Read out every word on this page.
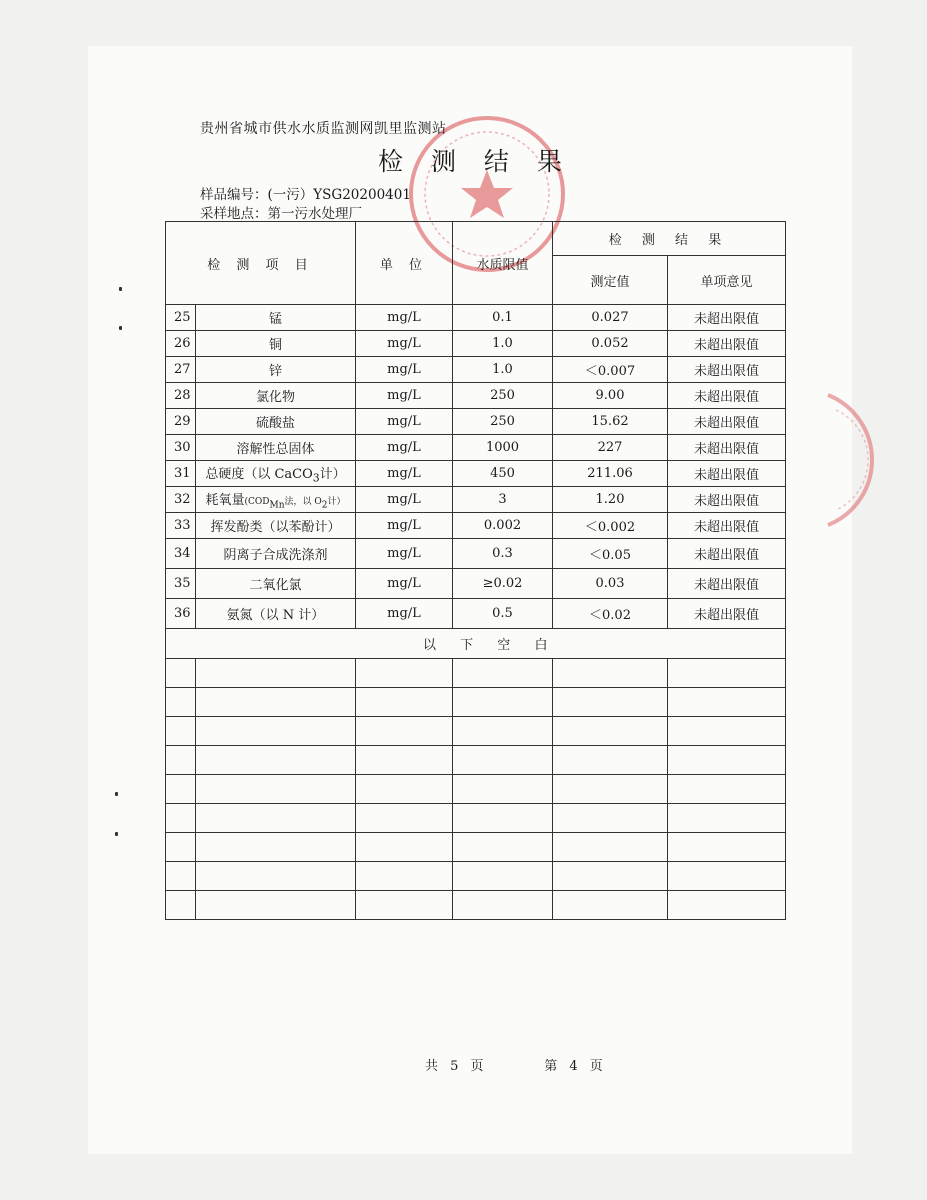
贵州省城市供水水质监测网凯里监测站
检 测 结 果
样品编号：(一污）YSG20200401
采样地点：第一污水处理厂
检 测 项 目		单 位	水质限值	检 测 结 果	
				测定值	单项意见
25	锰	mg/L	0.1	0.027	未超出限值
26	铜	mg/L	1.0	0.052	未超出限值
27	锌	mg/L	1.0	＜0.007	未超出限值
28	氯化物	mg/L	250	9.00	未超出限值
29	硫酸盐	mg/L	250	15.62	未超出限值
30	溶解性总固体	mg/L	1000	227	未超出限值
31	总硬度（以 CaCO$_3$计）	mg/L	450	211.06	未超出限值
32	耗氧量($COD_{Mn}$法，以 $O_2$计）	mg/L	3	1.20	未超出限值
33	挥发酚类（以苯酚计）	mg/L	0.002	＜0.002	未超出限值
34	阴离子合成洗涤剂	mg/L	0.3	＜0.05	未超出限值
35	二氧化氯	mg/L	≥0.02	0.03	未超出限值
36	氨氮（以 N 计）	mg/L	0.5	＜0.02	未超出限值
	以 下 空 白				

共 5 页	第 4 页
